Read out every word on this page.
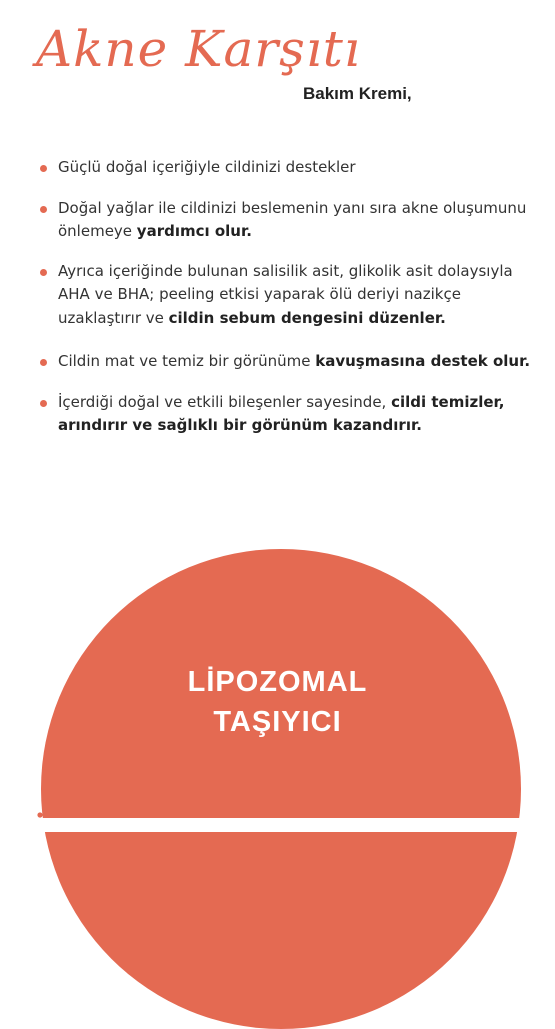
Akne Karşıtı
Bakım Kremi,
Güçlü doğal içeriğiyle cildinizi destekler
Doğal yağlar ile cildinizi beslemenin yanı sıra akne oluşumunu önlemeye yardımcı olur.
Ayrıca içeriğinde bulunan salisilik asit, glikolik asit dolaysıyla AHA ve BHA; peeling etkisi yaparak ölü deriyi nazikçe uzaklaştırır ve cildin sebum dengesini düzenler.
Cildin mat ve temiz bir görünüme kavuşmasına destek olur.
İçerdiği doğal ve etkili bileşenler sayesinde, cildi temizler, arındırır ve sağlıklı bir görünüm kazandırır.
LİPOZOMAL
TAŞIYICI
